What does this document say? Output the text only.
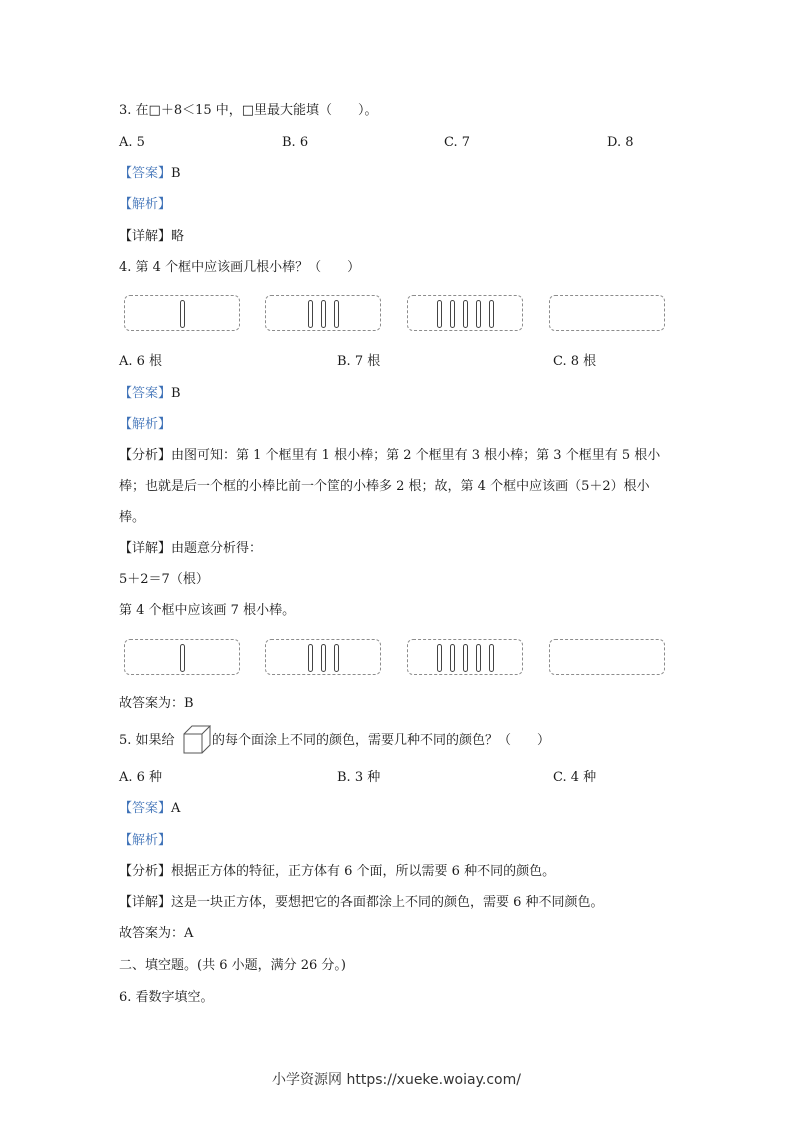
3. 在□＋8＜15 中，□里最大能填（　　）。
A. 5	B. 6	C. 7	D. 8
【答案】B
【解析】
【详解】略
4. 第 4 个框中应该画几根小棒？（　　）
A. 6 根	B. 7 根	C. 8 根
【答案】B
【解析】
【分析】由图可知：第 1 个框里有 1 根小棒；第 2 个框里有 3 根小棒；第 3 个框里有 5 根小
棒；也就是后一个框的小棒比前一个筐的小棒多 2 根；故，第 4 个框中应该画（5＋2）根小
棒。
【详解】由题意分析得：
5＋2＝7（根）
第 4 个框中应该画 7 根小棒。
故答案为：B
5. 如果给	的每个面涂上不同的颜色，需要几种不同的颜色？（　　）
A. 6 种	B. 3 种	C. 4 种
【答案】A
【解析】
【分析】根据正方体的特征，正方体有 6 个面，所以需要 6 种不同的颜色。
【详解】这是一块正方体，要想把它的各面都涂上不同的颜色，需要 6 种不同颜色。
故答案为：A
二、填空题。(共 6 小题，满分 26 分。)
6. 看数字填空。
小学资源网 https://xueke.woiay.com/
